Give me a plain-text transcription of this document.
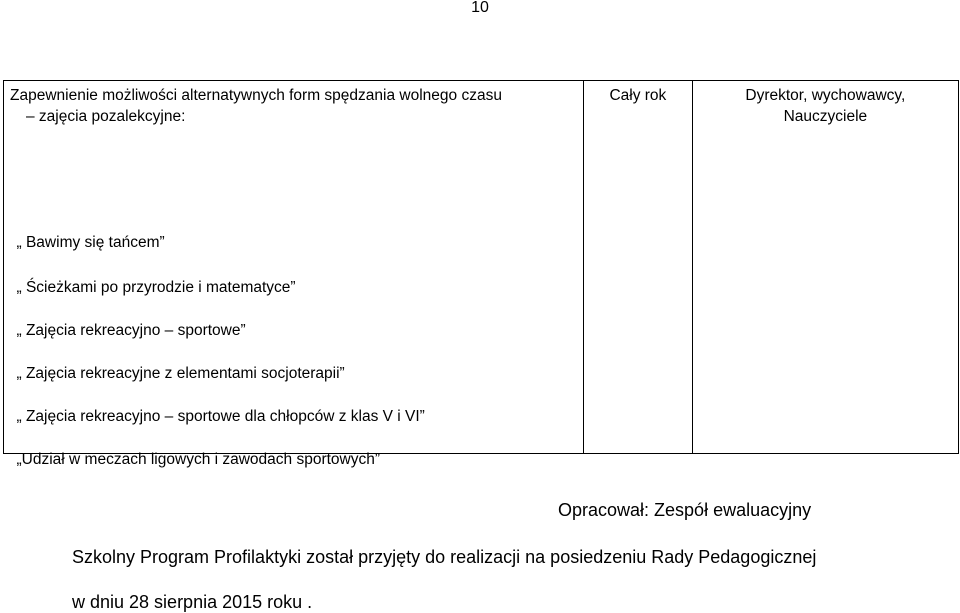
10
Zapewnienie możliwości alternatywnych form spędzania wolnego czasu
– zajęcia pozalekcyjne:
„ Bawimy się tańcem”
„ Ścieżkami po przyrodzie i matematyce”
„ Zajęcia rekreacyjno – sportowe”
„ Zajęcia rekreacyjne z elementami socjoterapii”
„ Zajęcia rekreacyjno – sportowe dla chłopców z klas V i VI”
„Udział w meczach ligowych i zawodach sportowych”

Cały rok	Dyrektor, wychowawcy,
Nauczyciele
Opracował: Zespół ewaluacyjny
Szkolny Program Profilaktyki został przyjęty do realizacji na posiedzeniu Rady Pedagogicznej
w dniu 28 sierpnia 2015 roku .
